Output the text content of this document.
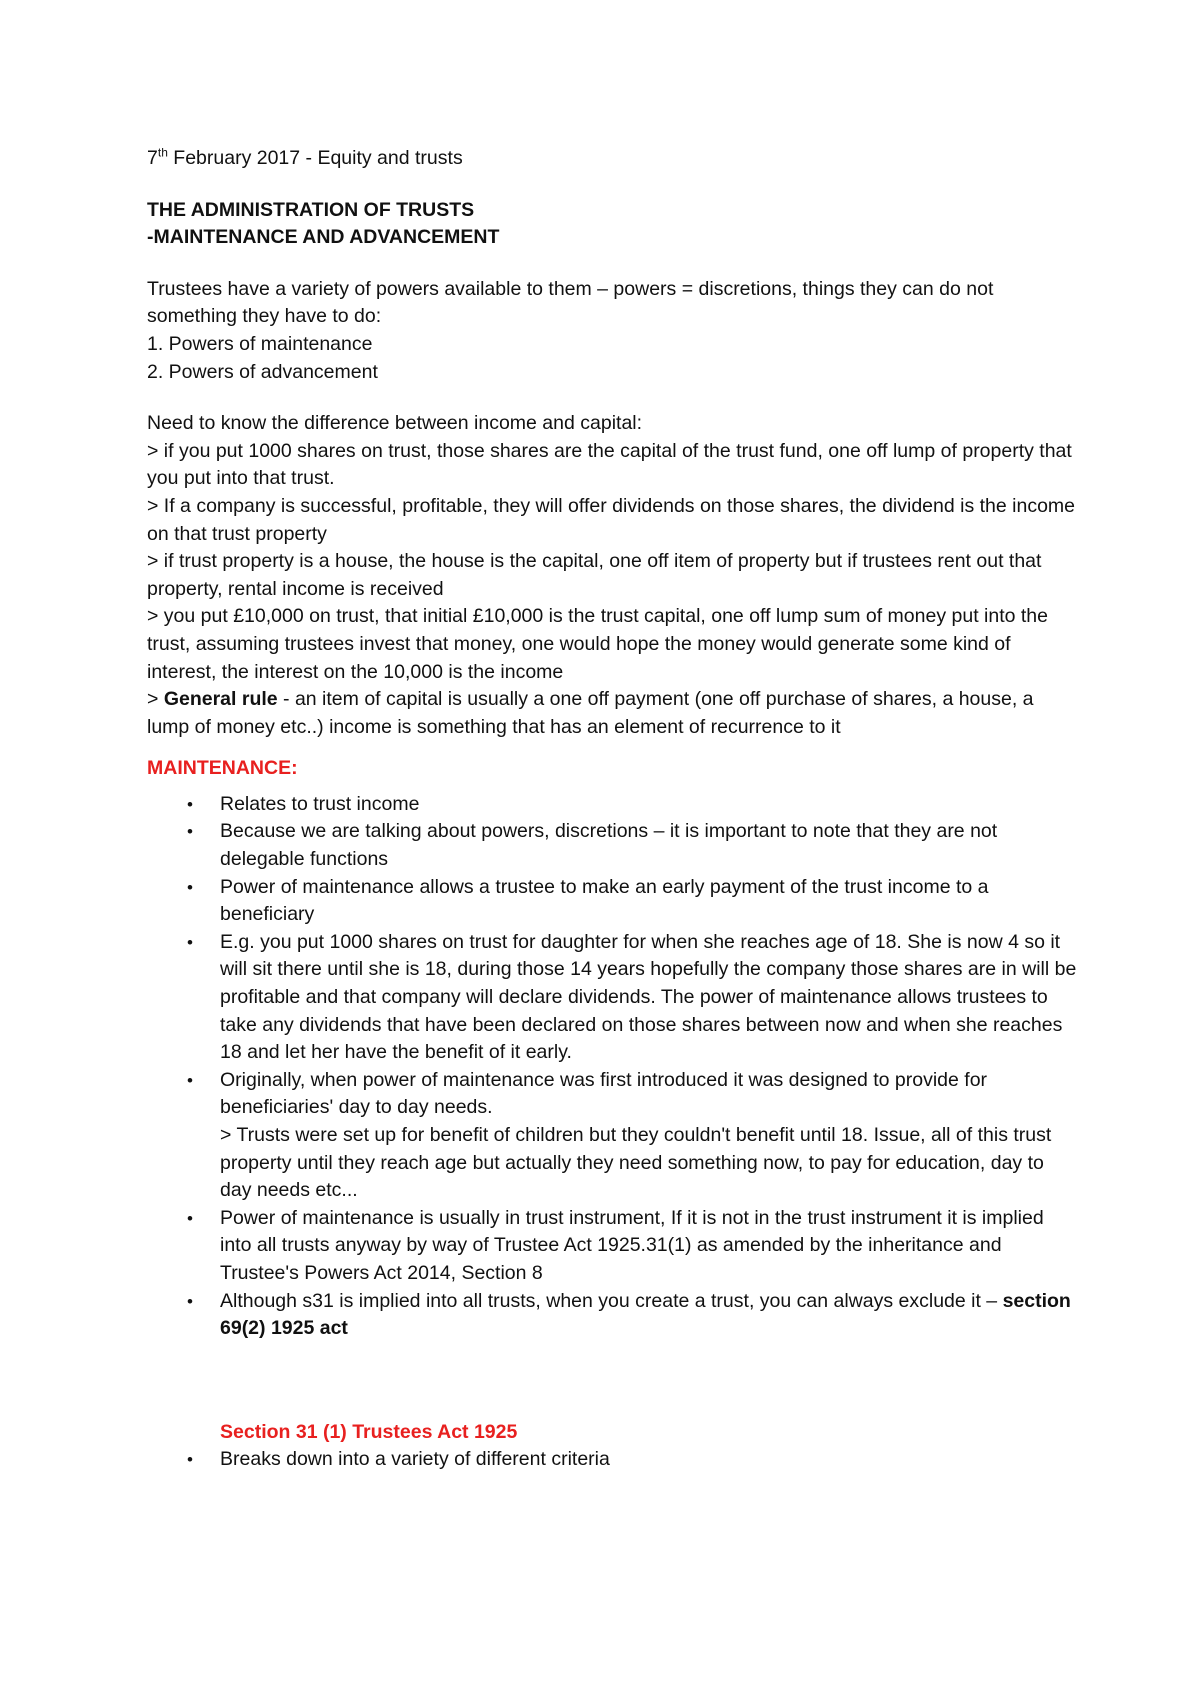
7th February 2017 - Equity and trusts

THE ADMINISTRATION OF TRUSTS

-MAINTENANCE AND ADVANCEMENT

Trustees have a variety of powers available to them – powers = discretions, things they can do not something they have to do:

1. Powers of maintenance

2. Powers of advancement

Need to know the difference between income and capital:

> if you put 1000 shares on trust, those shares are the capital of the trust fund, one off lump of property that you put into that trust.

> If a company is successful, profitable, they will offer dividends on those shares, the dividend is the income on that trust property

> if trust property is a house, the house is the capital, one off item of property but if trustees rent out that property, rental income is received

> you put £10,000 on trust, that initial £10,000 is the trust capital, one off lump sum of money put into the trust, assuming trustees invest that money, one would hope the money would generate some kind of interest, the interest on the 10,000 is the income

> General rule - an item of capital is usually a one off payment (one off purchase of shares, a house, a lump of money etc..) income is something that has an element of recurrence to it

MAINTENANCE:

• Relates to trust income
• Because we are talking about powers, discretions – it is important to note that they are not delegable functions
• Power of maintenance allows a trustee to make an early payment of the trust income to a beneficiary
• E.g. you put 1000 shares on trust for daughter for when she reaches age of 18. She is now 4 so it will sit there until she is 18, during those 14 years hopefully the company those shares are in will be profitable and that company will declare dividends. The power of maintenance allows trustees to take any dividends that have been declared on those shares between now and when she reaches 18 and let her have the benefit of it early.
• Originally, when power of maintenance was first introduced it was designed to provide for beneficiaries' day to day needs.
> Trusts were set up for benefit of children but they couldn't benefit until 18. Issue, all of this trust property until they reach age but actually they need something now, to pay for education, day to day needs etc...
• Power of maintenance is usually in trust instrument, If it is not in the trust instrument it is implied into all trusts anyway by way of Trustee Act 1925.31(1) as amended by the inheritance and Trustee's Powers Act 2014, Section 8
• Although s31 is implied into all trusts, when you create a trust, you can always exclude it – section 69(2) 1925 act

Section 31 (1) Trustees Act 1925

• Breaks down into a variety of different criteria
